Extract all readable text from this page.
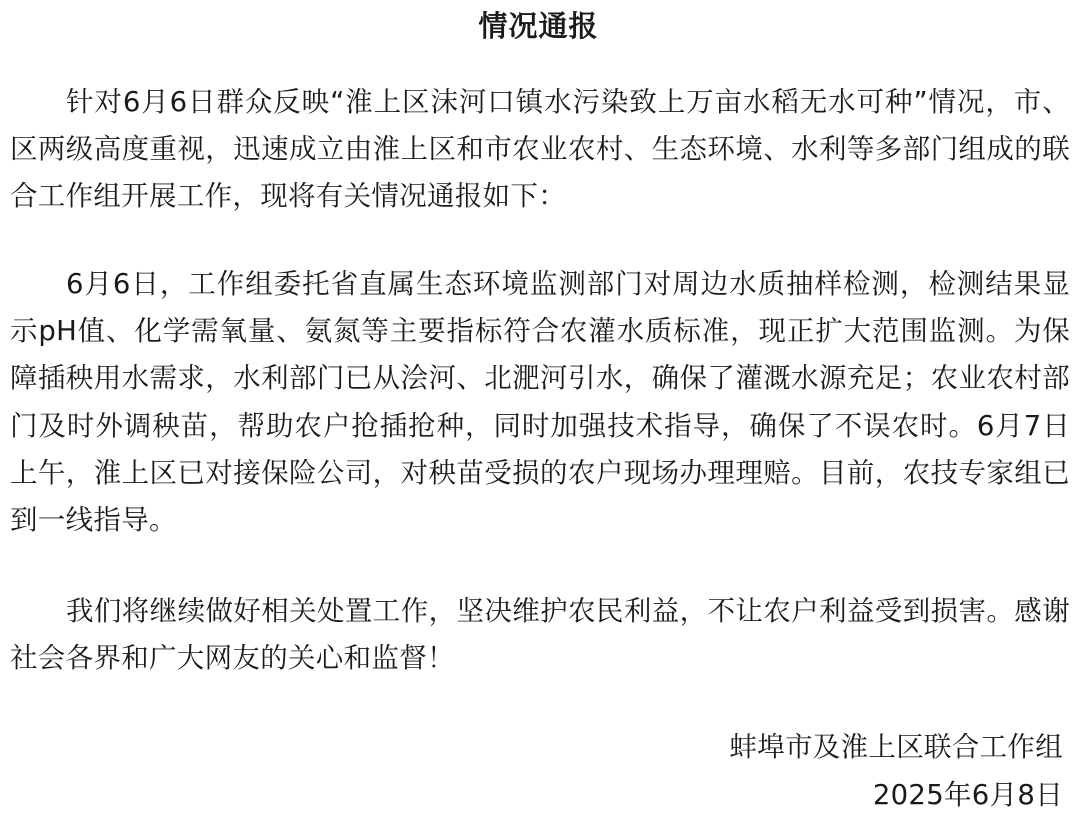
情况通报

针对6月6日群众反映“淮上区沫河口镇水污染致上万亩水稻无水可种”情况，市、区两级高度重视，迅速成立由淮上区和市农业农村、生态环境、水利等多部门组成的联合工作组开展工作，现将有关情况通报如下：

6月6日，工作组委托省直属生态环境监测部门对周边水质抽样检测，检测结果显示pH值、化学需氧量、氨氮等主要指标符合农灌水质标准，现正扩大范围监测。为保障插秧用水需求，水利部门已从浍河、北淝河引水，确保了灌溉水源充足；农业农村部门及时外调秧苗，帮助农户抢插抢种，同时加强技术指导，确保了不误农时。6月7日上午，淮上区已对接保险公司，对秧苗受损的农户现场办理理赔。目前，农技专家组已到一线指导。

我们将继续做好相关处置工作，坚决维护农民利益，不让农户利益受到损害。感谢社会各界和广大网友的关心和监督！

蚌埠市及淮上区联合工作组
2025年6月8日
